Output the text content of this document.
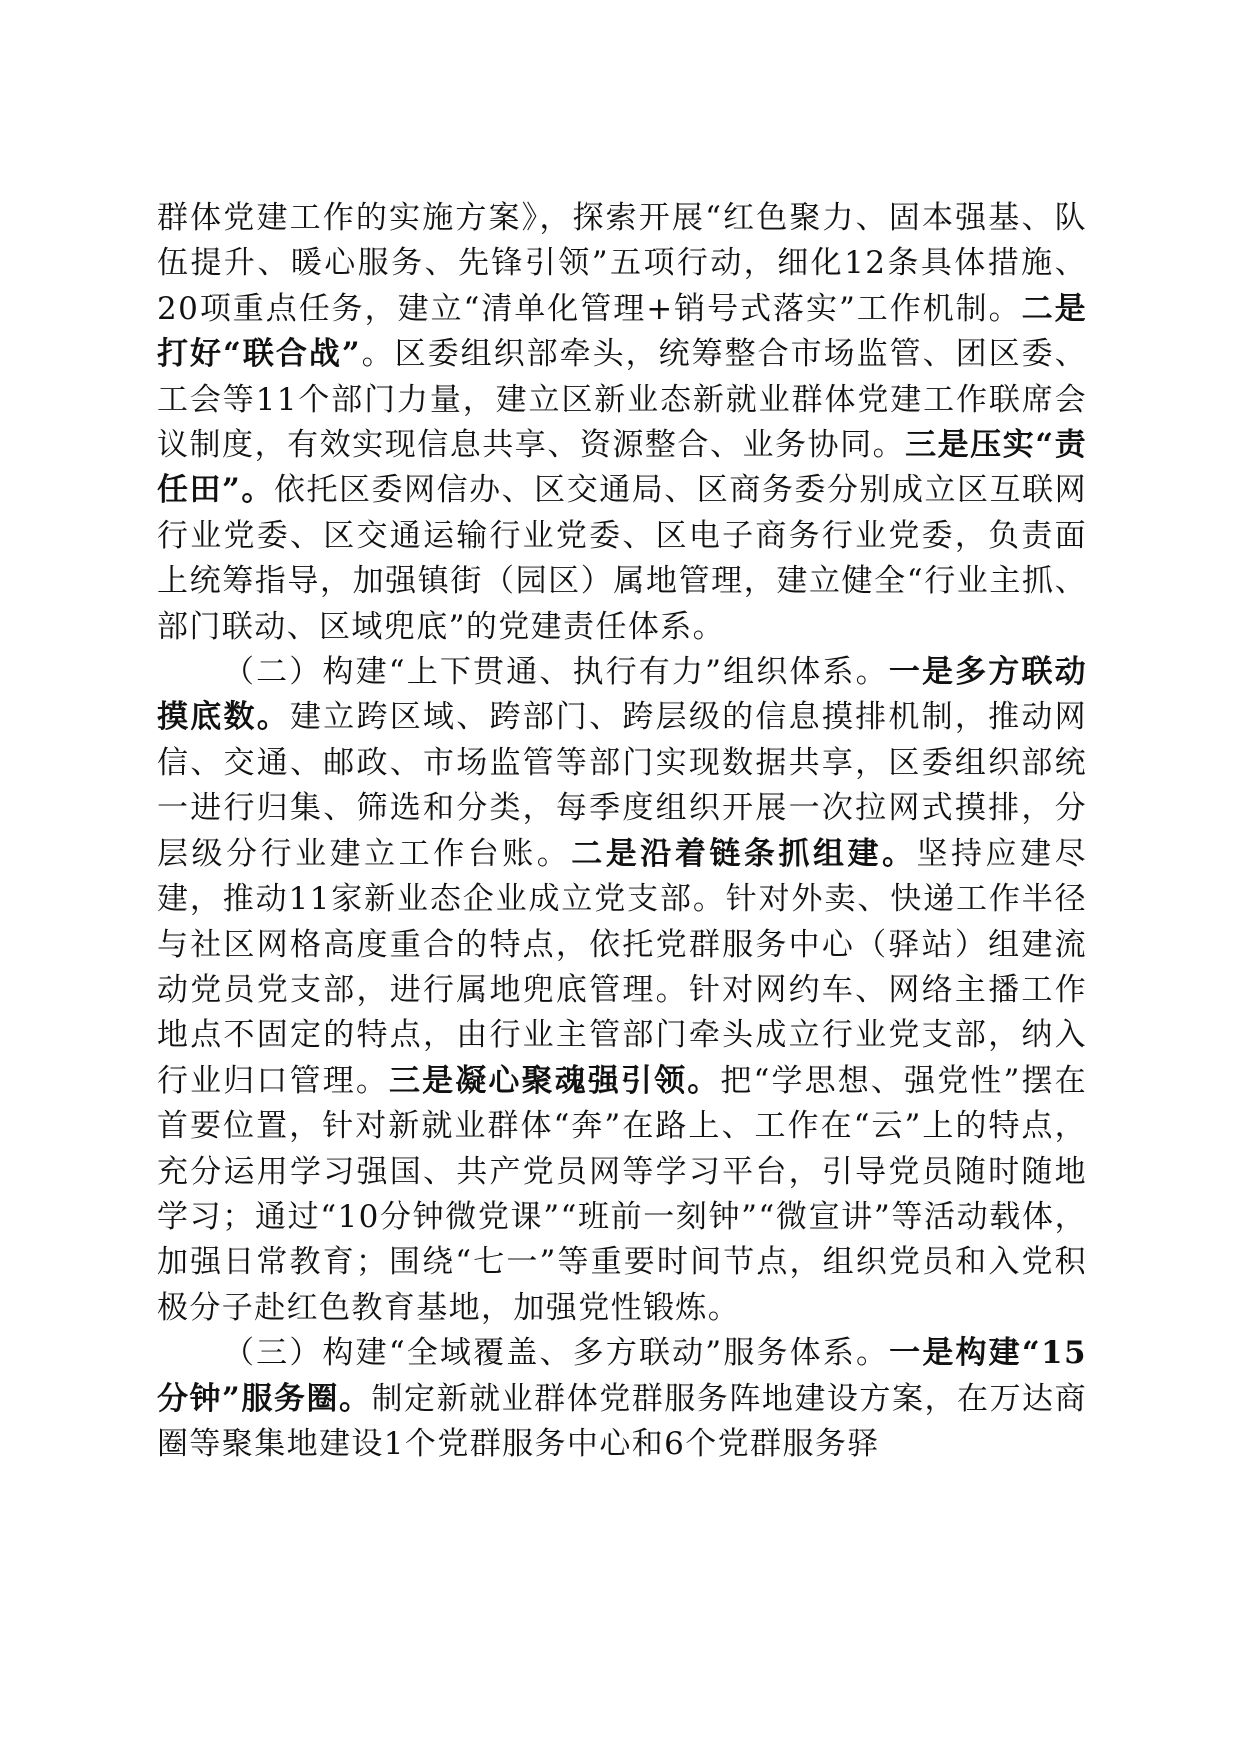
群体党建工作的实施方案》，探索开展“红色聚力、固本强基、队伍提升、暖心服务、先锋引领”五项行动，细化12条具体措施、20项重点任务，建立“清单化管理+销号式落实”工作机制。二是打好“联合战”。区委组织部牵头，统筹整合市场监管、团区委、工会等11个部门力量，建立区新业态新就业群体党建工作联席会议制度，有效实现信息共享、资源整合、业务协同。三是压实“责任田”。依托区委网信办、区交通局、区商务委分别成立区互联网行业党委、区交通运输行业党委、区电子商务行业党委，负责面上统筹指导，加强镇街（园区）属地管理，建立健全“行业主抓、部门联动、区域兜底”的党建责任体系。

（二）构建“上下贯通、执行有力”组织体系。一是多方联动摸底数。建立跨区域、跨部门、跨层级的信息摸排机制，推动网信、交通、邮政、市场监管等部门实现数据共享，区委组织部统一进行归集、筛选和分类，每季度组织开展一次拉网式摸排，分层级分行业建立工作台账。二是沿着链条抓组建。坚持应建尽建，推动11家新业态企业成立党支部。针对外卖、快递工作半径与社区网格高度重合的特点，依托党群服务中心（驿站）组建流动党员党支部，进行属地兜底管理。针对网约车、网络主播工作地点不固定的特点，由行业主管部门牵头成立行业党支部，纳入行业归口管理。三是凝心聚魂强引领。把“学思想、强党性”摆在首要位置，针对新就业群体“奔”在路上、工作在“云”上的特点，充分运用学习强国、共产党员网等学习平台，引导党员随时随地学习；通过“10分钟微党课”“班前一刻钟”“微宣讲”等活动载体，加强日常教育；围绕“七一”等重要时间节点，组织党员和入党积极分子赴红色教育基地，加强党性锻炼。

（三）构建“全域覆盖、多方联动”服务体系。一是构建“15分钟”服务圈。制定新就业群体党群服务阵地建设方案，在万达商圈等聚集地建设1个党群服务中心和6个党群服务驿
